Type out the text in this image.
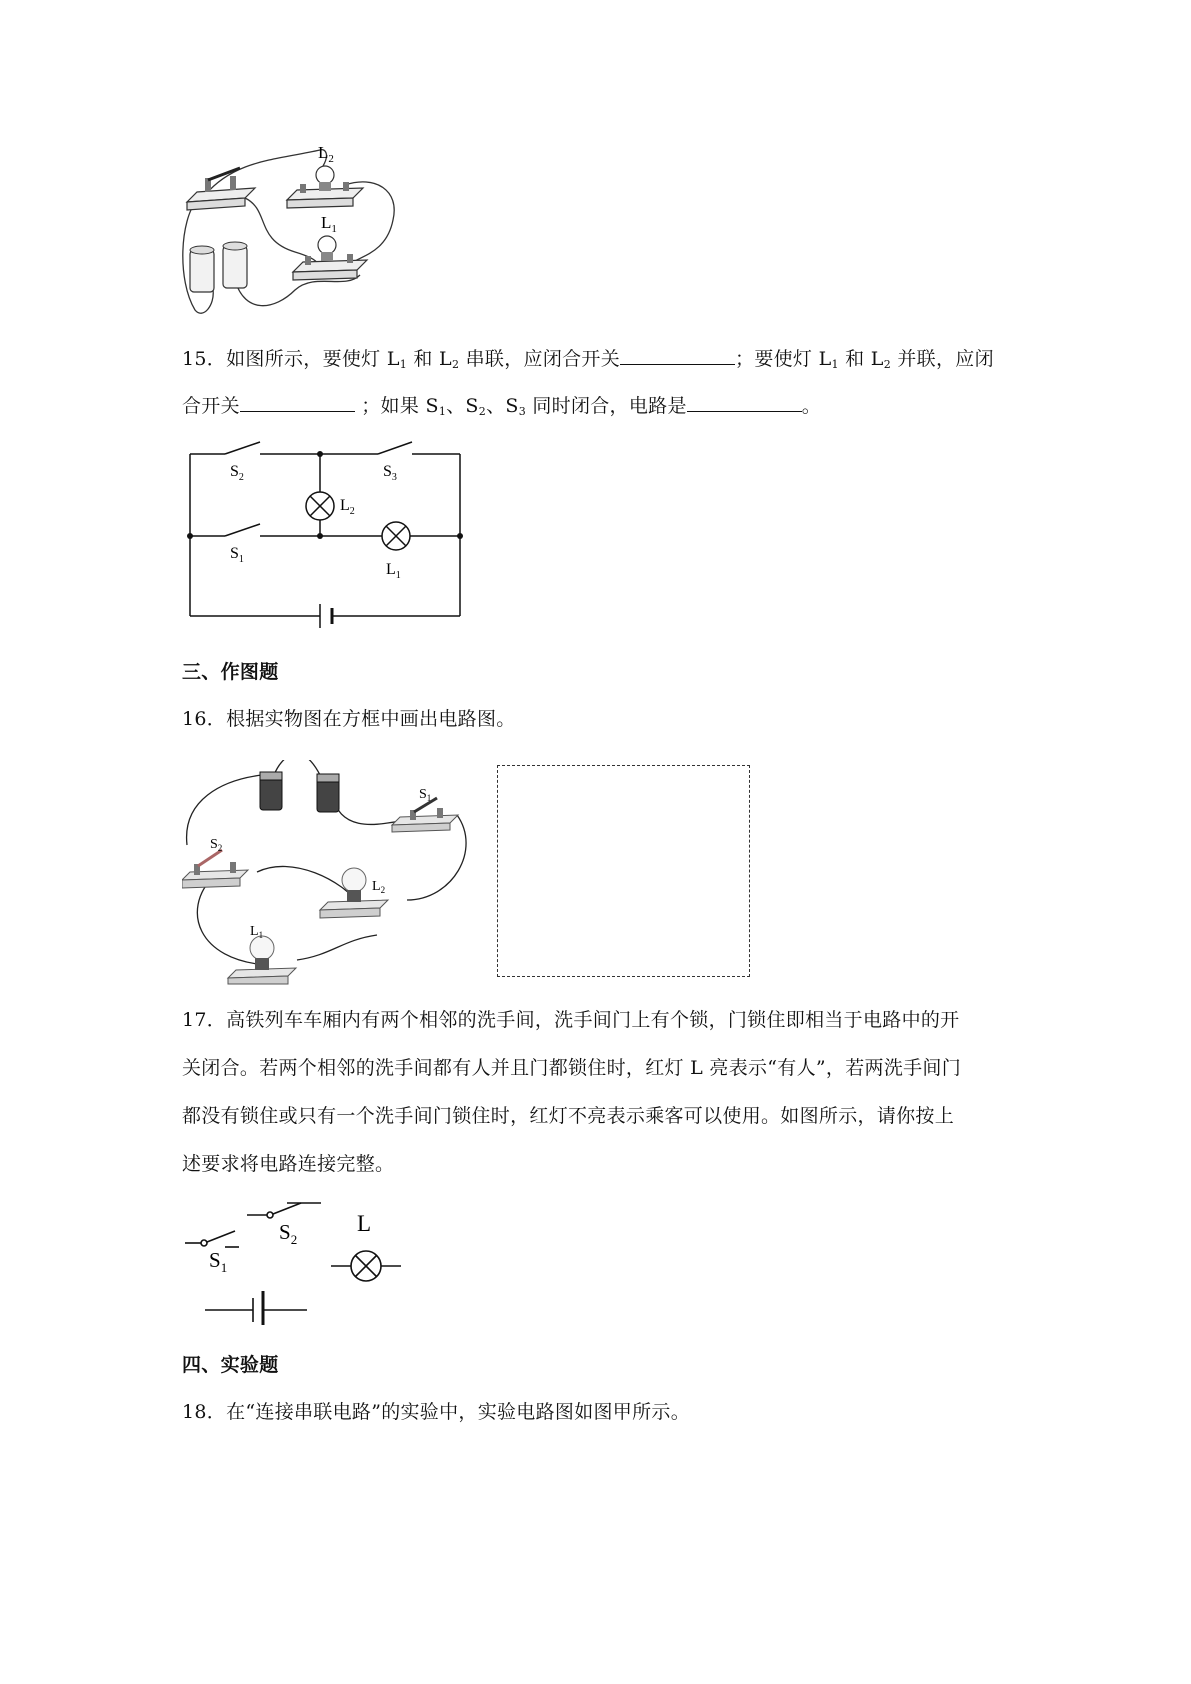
$L_2$
$L_1$
15．如图所示，要使灯 $L_1$ 和 $L_2$ 串联，应闭合开关	；要使灯 $L_1$ 和 $L_2$ 并联，应闭
合开关	；如果 $S_1$、$S_2$、$S_3$ 同时闭合，电路是	。
$S_2$	$S_3$
$L_2$
$S_1$
$L_1$
三、作图题
16．根据实物图在方框中画出电路图。
$S_1$
$S_2$
$L_2$
$L_1$
17．高铁列车车厢内有两个相邻的洗手间，洗手间门上有个锁，门锁住即相当于电路中的开
关闭合。若两个相邻的洗手间都有人并且门都锁住时，红灯 L 亮表示“有人”，若两洗手间门
都没有锁住或只有一个洗手间门锁住时，红灯不亮表示乘客可以使用。如图所示，请你按上
述要求将电路连接完整。
$S_2$
$S_1$
L
四、实验题
18．在“连接串联电路”的实验中，实验电路图如图甲所示。
